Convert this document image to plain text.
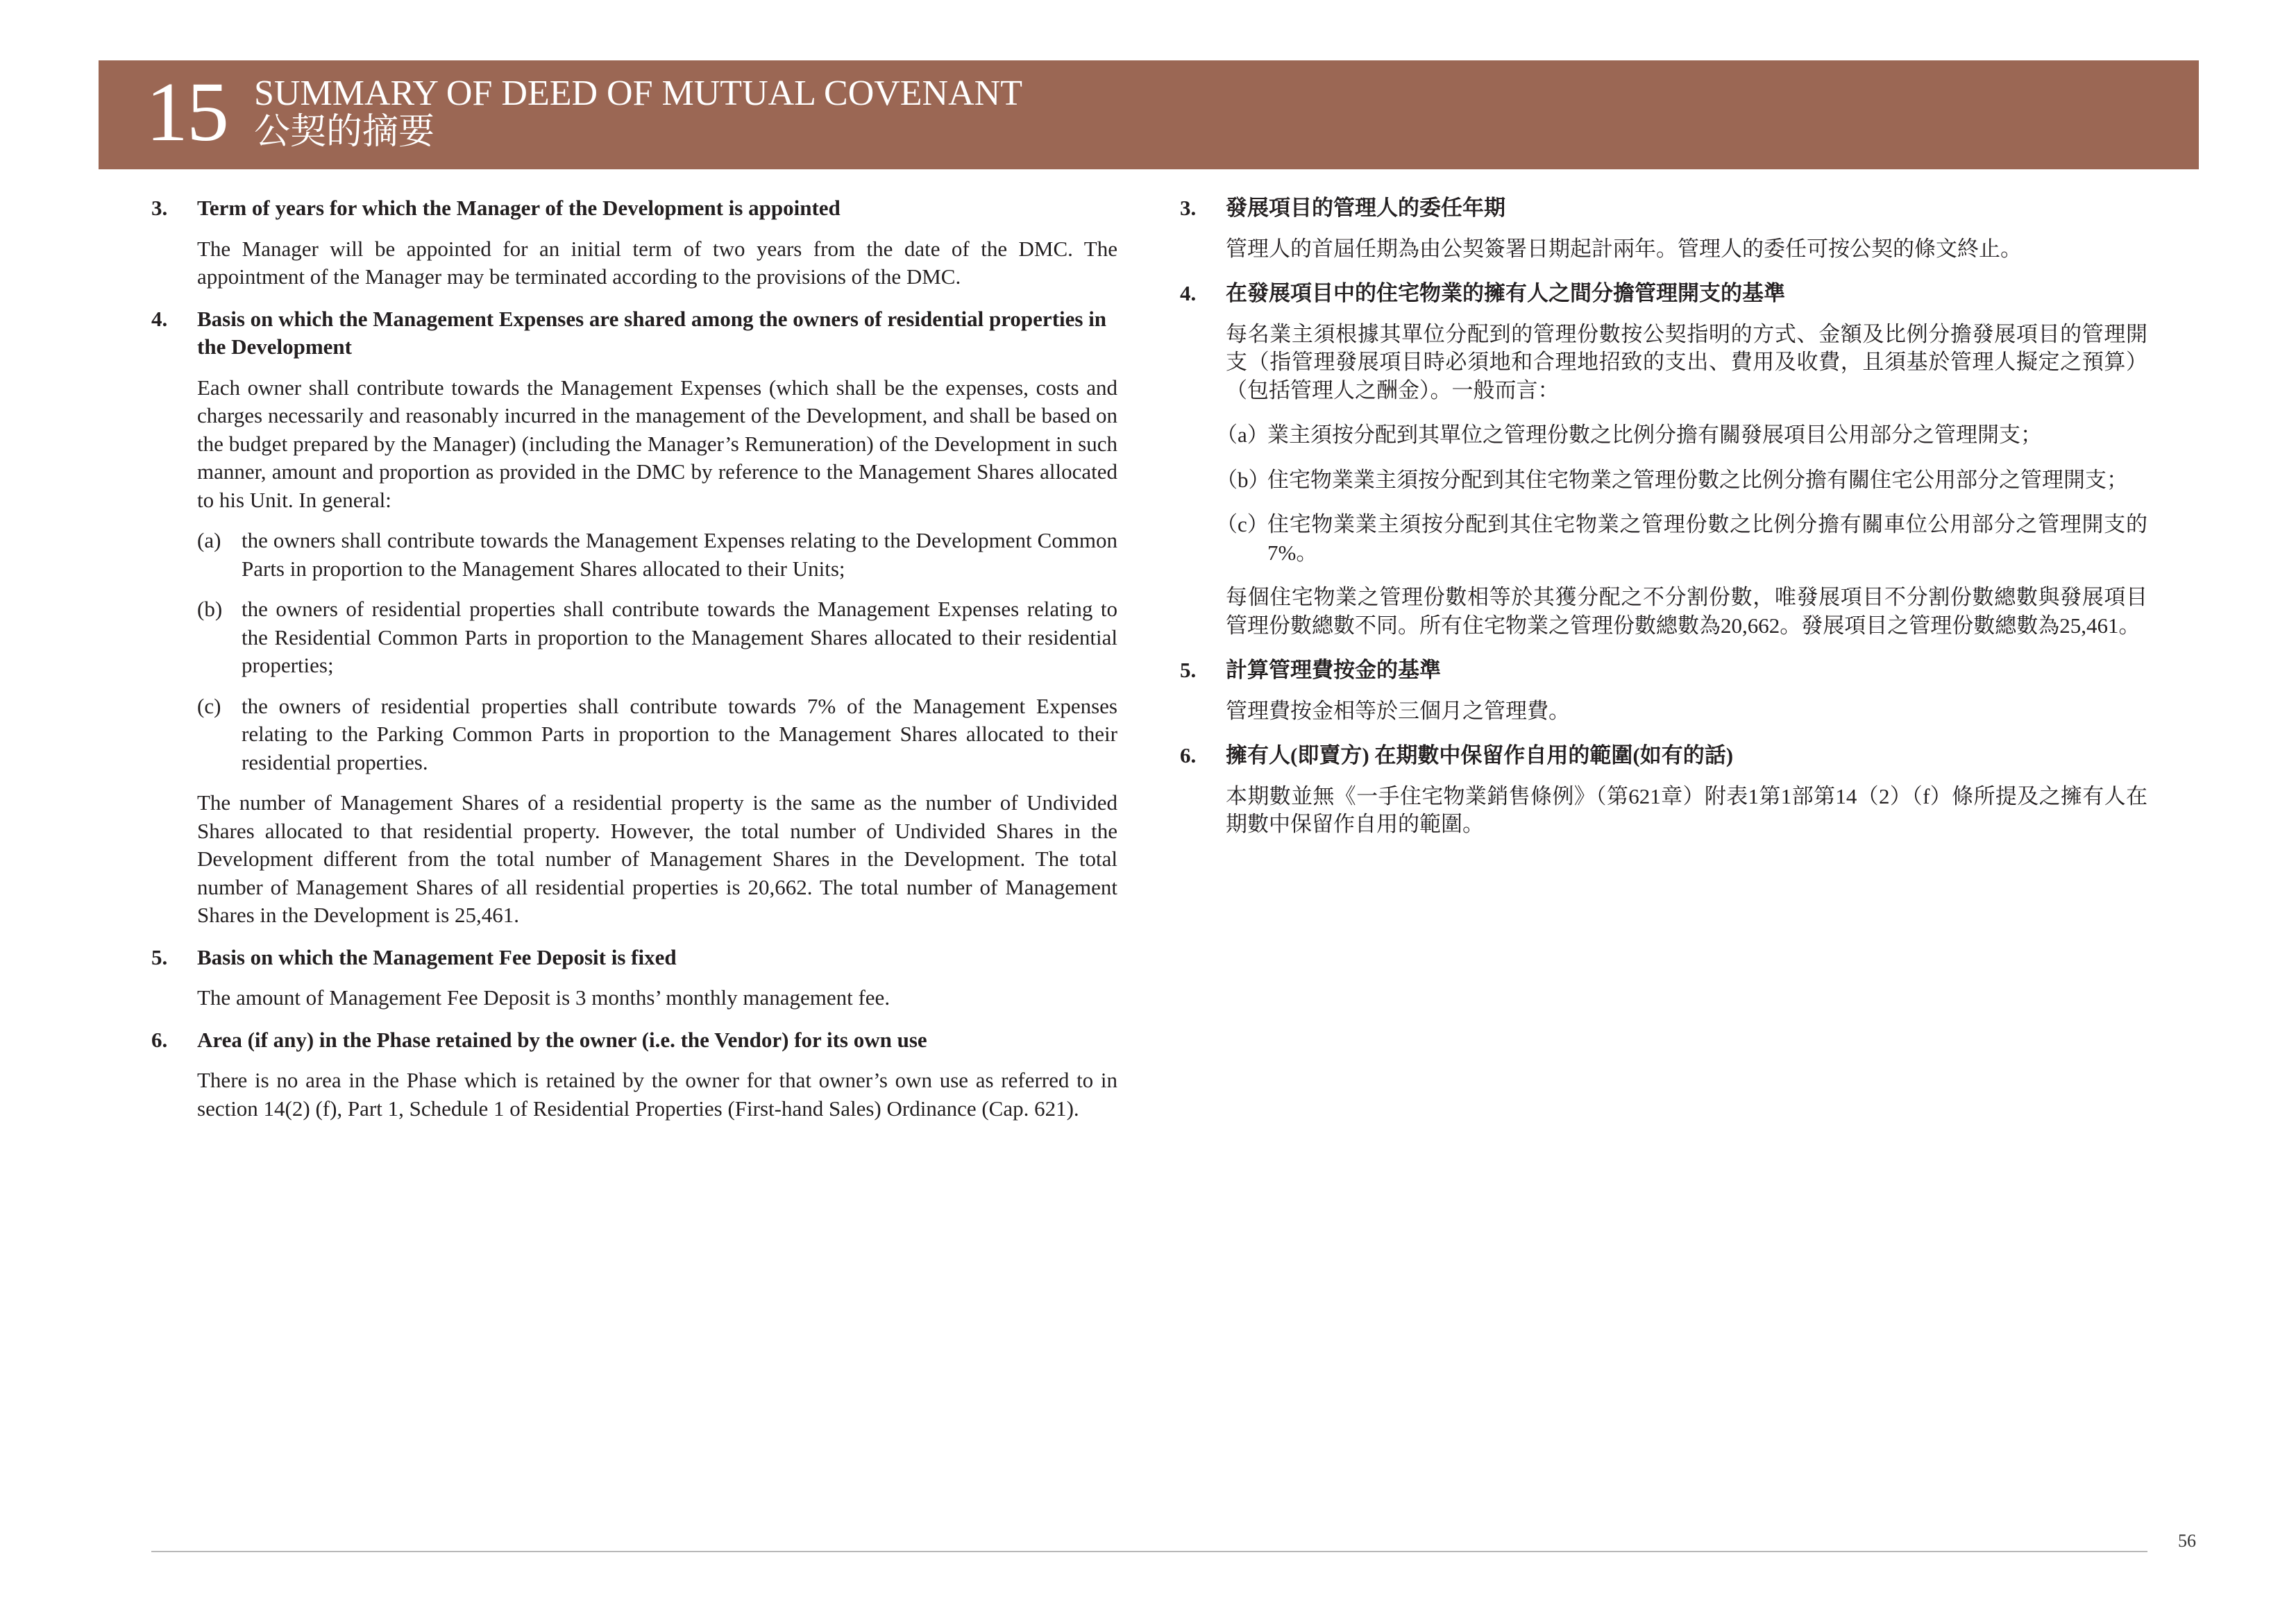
15 SUMMARY OF DEED OF MUTUAL COVENANT
公契的摘要

3. Term of years for which the Manager of the Development is appointed

The Manager will be appointed for an initial term of two years from the date of the DMC. The appointment of the Manager may be terminated according to the provisions of the DMC.

4. Basis on which the Management Expenses are shared among the owners of residential properties in the Development

Each owner shall contribute towards the Management Expenses (which shall be the expenses, costs and charges necessarily and reasonably incurred in the management of the Development, and shall be based on the budget prepared by the Manager) (including the Manager’s Remuneration) of the Development in such manner, amount and proportion as provided in the DMC by reference to the Management Shares allocated to his Unit. In general:

(a) the owners shall contribute towards the Management Expenses relating to the Development Common Parts in proportion to the Management Shares allocated to their Units;

(b) the owners of residential properties shall contribute towards the Management Expenses relating to the Residential Common Parts in proportion to the Management Shares allocated to their residential properties;

(c) the owners of residential properties shall contribute towards 7% of the Management Expenses relating to the Parking Common Parts in proportion to the Management Shares allocated to their residential properties.

The number of Management Shares of a residential property is the same as the number of Undivided Shares allocated to that residential property. However, the total number of Undivided Shares in the Development different from the total number of Management Shares in the Development. The total number of Management Shares of all residential properties is 20,662. The total number of Management Shares in the Development is 25,461.

5. Basis on which the Management Fee Deposit is fixed

The amount of Management Fee Deposit is 3 months’ monthly management fee.

6. Area (if any) in the Phase retained by the owner (i.e. the Vendor) for its own use

There is no area in the Phase which is retained by the owner for that owner’s own use as referred to in section 14(2) (f), Part 1, Schedule 1 of Residential Properties (First-hand Sales) Ordinance (Cap. 621).

3. 發展項目的管理人的委任年期

管理人的首屆任期為由公契簽署日期起計兩年。管理人的委任可按公契的條文終止。

4. 在發展項目中的住宅物業的擁有人之間分擔管理開支的基準

每名業主須根據其單位分配到的管理份數按公契指明的方式、金額及比例分擔發展項目的管理開支（指管理發展項目時必須地和合理地招致的支出、費用及收費，且須基於管理人擬定之預算）（包括管理人之酬金）。一般而言：

（a）
業主須按分配到其單位之管理份數之比例分擔有關發展項目公用部分之管理開支；

（b）
住宅物業業主須按分配到其住宅物業之管理份數之比例分擔有關住宅公用部分之管理開支；

（c）
住宅物業業主須按分配到其住宅物業之管理份數之比例分擔有關車位公用部分之管理開支的7%。

每個住宅物業之管理份數相等於其獲分配之不分割份數，唯發展項目不分割份數總數與發展項目管理份數總數不同。所有住宅物業之管理份數總數為20,662。發展項目之管理份數總數為25,461。

5. 計算管理費按金的基準

管理費按金相等於三個月之管理費。

6. 擁有人(即賣方) 在期數中保留作自用的範圍(如有的話)

本期數並無《一手住宅物業銷售條例》（第621章）附表1第1部第14（2）（f）條所提及之擁有人在期數中保留作自用的範圍。

56
